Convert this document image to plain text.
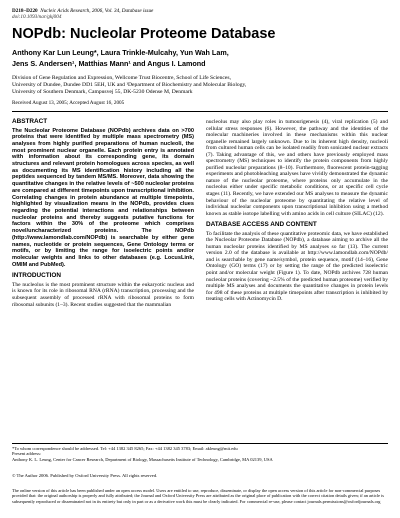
D218–D220 Nucleic Acids Research, 2006, Vol. 34, Database issue
doi:10.1093/nar/gkj004
NOPdb: Nucleolar Proteome Database
Anthony Kar Lun Leung*, Laura Trinkle-Mulcahy, Yun Wah Lam,
Jens S. Andersen¹, Matthias Mann¹ and Angus I. Lamond
Division of Gene Regulation and Expression, Wellcome Trust Biocentre, School of Life Sciences,
University of Dundee, Dundee DD1 5EH, UK and ¹Department of Biochemistry and Molecular Biology,
University of Southern Denmark, Campusvej 55, DK-5230 Odense M, Denmark
Received August 13, 2005; Accepted August 16, 2005
ABSTRACT

The Nucleolar Proteome Database (NOPdb) archives data on >700 proteins that were identified by multiple mass spectrometry (MS) analyses from highly purified preparations of human nucleoli, the most prominent nuclear organelle. Each protein entry is annotated with information about its corresponding gene, its domain structures and relevant protein homologues across species, as well as documenting its MS identification history including all the peptides sequenced by tandem MS/MS. Moreover, data showing the quantitative changes in the relative levels of ~500 nucleolar proteins are compared at different timepoints upon transcriptional inhibition. Correlating changes in protein abundance at multiple timepoints, highlighted by visualization means in the NOPdb, provides clues regarding the potential interactions and relationships between nucleolar proteins and thereby suggests putative functions for factors within the 30% of the proteome which comprises novel/uncharacterized proteins. The NOPdb (http://www.lamondlab.com/NOPdb) is searchable by either gene names, nucleotide or protein sequences, Gene Ontology terms or motifs, or by limiting the range for isoelectric points and/or molecular weights and links to other databases (e.g. LocusLink, OMIM and PubMed).

INTRODUCTION

The nucleolus is the most prominent structure within the eukaryotic nucleus and is known for its role in ribosomal RNA (rRNA) transcription, processing and the subsequent assembly of processed rRNA with ribosomal proteins to form ribosomal subunits (1–3). Recent studies suggested that the mammalian

nucleolus may also play roles in tumourigenesis (4), viral replication (5) and cellular stress responses (6). However, the pathway and the identities of the molecular machineries involved in these mechanisms within this nuclear organelle remained largely unknown. Due to its inherent high density, nucleoli from cultured human cells can be isolated readily from sonicated nuclear extracts (7). Taking advantage of this, we and others have previously employed mass spectrometry (MS) techniques to identify the protein components from highly purified nucleolar preparations (8–10). Furthermore, fluorescent protein-tagging experiments and photobleaching analyses have vividly demonstrated the dynamic nature of the nucleolar proteome, where proteins only accumulate in the nucleolus either under specific metabolic conditions, or at specific cell cycle stages (11). Recently, we have extended our MS analyses to measure the dynamic behaviour of the nucleolar proteome by quantitating the relative level of individual nucleolar components upon transcriptional inhibition using a method known as stable isotope labelling with amino acids in cell culture (SILAC) (12).

DATABASE ACCESS AND CONTENT

To facilitate the analysis of these quantitative proteomic data, we have established the Nucleolar Proteome Database (NOPdb), a database aiming to archive all the human nucleolar proteins identified by MS analyses so far (13). The current version 2.0 of the database is available at http://www.lamondlab.com/NOPdb/ and is searchable by gene name/symbol, protein sequence, motif (14–16), Gene Ontology (GO) terms (17) or by setting the range of the predicted isoelectric point and/or molecular weight (Figure 1). To date, NOPdb archives 728 human nucleolar proteins (covering ~2.5% of the predicted human proteome) verified by multiple MS analyses and documents the quantitative changes in protein levels for 498 of these proteins at multiple timepoints after transcription is inhibited by treating cells with Actinomycin D.

*To whom correspondence should be addressed. Tel: +44 1382 345 8265; Fax: +44 1382 345 3783; Email: akleung@mit.edu

Present address:

Anthony K. L. Leung, Center for Cancer Research, Department of Biology, Massachusetts Institute of Technology, Cambridge, MA 02139, USA

© The Author 2006. Published by Oxford University Press. All rights reserved.
The online version of this article has been published under an open access model. Users are entitled to use, reproduce, disseminate, or display the open access version of this article for non-commercial purposes provided that: the original authorship is properly and fully attributed; the Journal and Oxford University Press are attributed as the original place of publication with the correct citation details given; if an article is subsequently reproduced or disseminated not in its entirety but only in part or as a derivative work this must be clearly indicated. For commercial re-use, please contact journals.permissions@oxfordjournals.org
